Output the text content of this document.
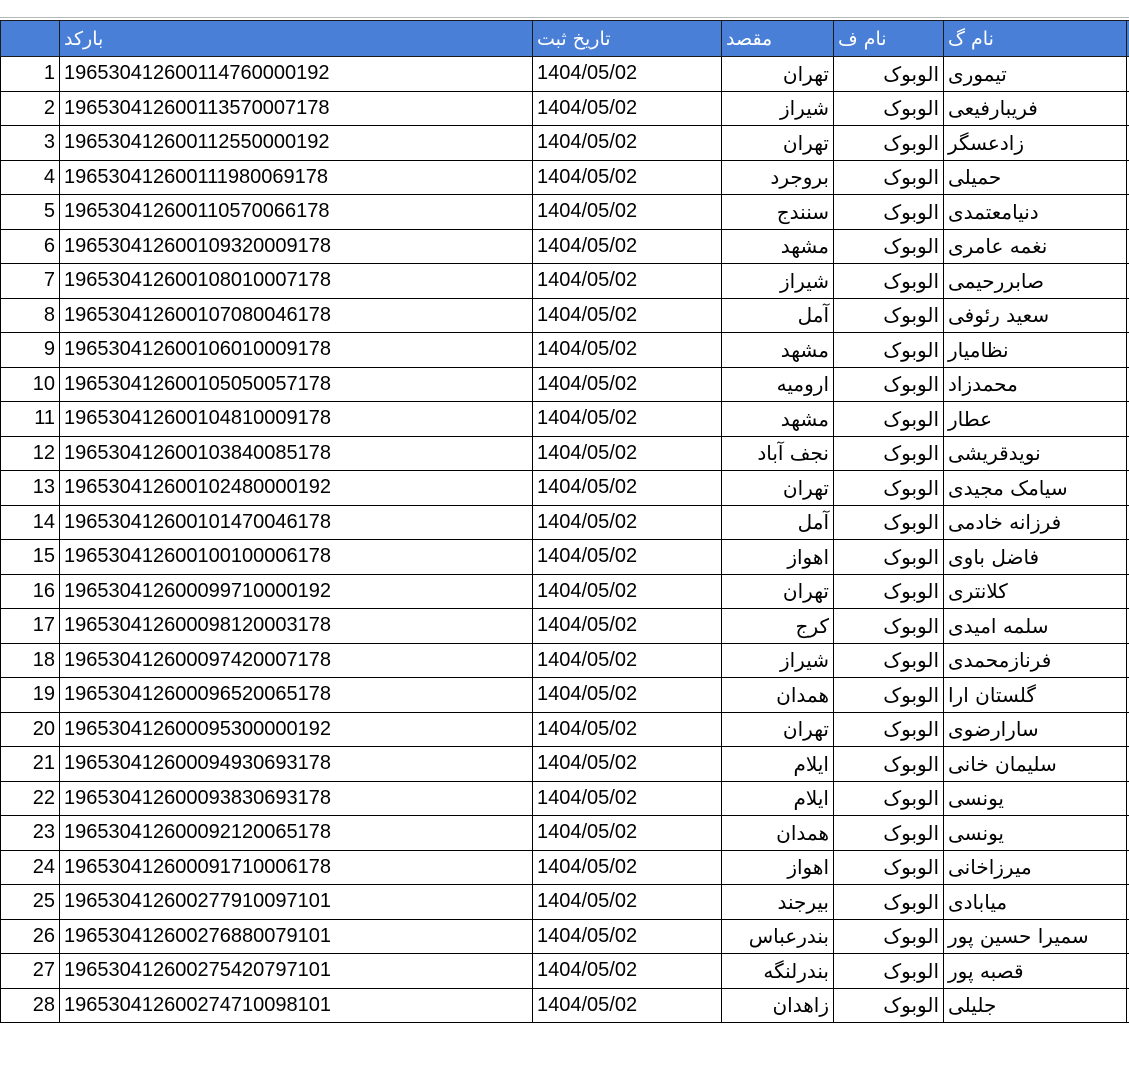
	بارکد	تاریخ ثبت	مقصد	نام ف	نام گ	

1	196530412600114760000192	1404/05/02	تهران	الوبوک	تیموری	
2	196530412600113570007178	1404/05/02	شیراز	الوبوک	فریبارفیعی	
3	196530412600112550000192	1404/05/02	تهران	الوبوک	زادعسگر	
4	196530412600111980069178	1404/05/02	بروجرد	الوبوک	حمیلی	
5	196530412600110570066178	1404/05/02	سنندج	الوبوک	دنیامعتمدی	
6	196530412600109320009178	1404/05/02	مشهد	الوبوک	نغمه عامری	
7	196530412600108010007178	1404/05/02	شیراز	الوبوک	صابررحیمی	
8	196530412600107080046178	1404/05/02	آمل	الوبوک	سعید رئوفی	
9	196530412600106010009178	1404/05/02	مشهد	الوبوک	نظامیار	
10	196530412600105050057178	1404/05/02	ارومیه	الوبوک	محمدزاد	
11	196530412600104810009178	1404/05/02	مشهد	الوبوک	عطار	
12	196530412600103840085178	1404/05/02	نجف آباد	الوبوک	نویدقریشی	
13	196530412600102480000192	1404/05/02	تهران	الوبوک	سیامک مجیدی	
14	196530412600101470046178	1404/05/02	آمل	الوبوک	فرزانه خادمی	
15	196530412600100100006178	1404/05/02	اهواز	الوبوک	فاضل باوی	
16	196530412600099710000192	1404/05/02	تهران	الوبوک	کلانتری	
17	196530412600098120003178	1404/05/02	کرج	الوبوک	سلمه امیدی	
18	196530412600097420007178	1404/05/02	شیراز	الوبوک	فرنازمحمدی	
19	196530412600096520065178	1404/05/02	همدان	الوبوک	گلستان ارا	
20	196530412600095300000192	1404/05/02	تهران	الوبوک	سارارضوی	
21	196530412600094930693178	1404/05/02	ایلام	الوبوک	سلیمان خانی	
22	196530412600093830693178	1404/05/02	ایلام	الوبوک	یونسی	
23	196530412600092120065178	1404/05/02	همدان	الوبوک	یونسی	
24	196530412600091710006178	1404/05/02	اهواز	الوبوک	میرزاخانی	
25	196530412600277910097101	1404/05/02	بیرجند	الوبوک	میابادی	
26	196530412600276880079101	1404/05/02	بندرعباس	الوبوک	سمیرا حسین پور	
27	196530412600275420797101	1404/05/02	بندرلنگه	الوبوک	قصبه پور	
28	196530412600274710098101	1404/05/02	زاهدان	الوبوک	جلیلی	
